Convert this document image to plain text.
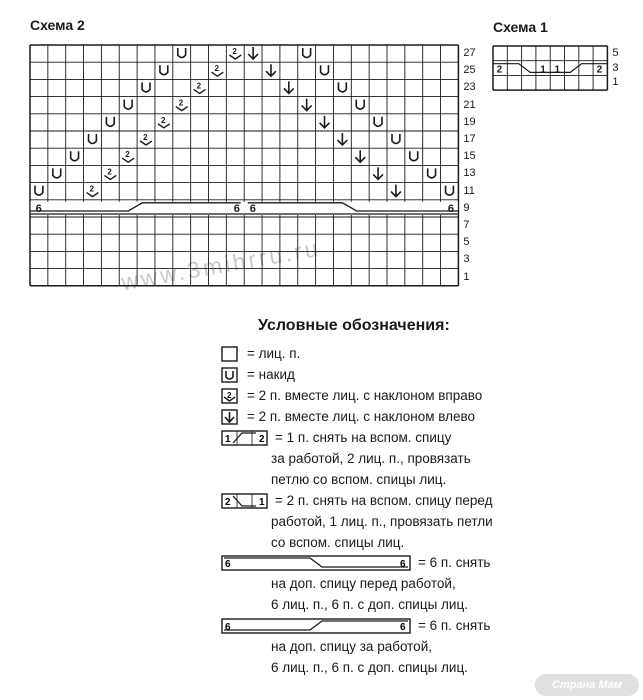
Схема 2	Схема 1
www.3mihrru.ru
6	6 6	6
2
2
2
2
2
2
2
2
2
2	1 1	2
27
25
23
21
19
17
15
13
11
9
7
5
3
1
5
3
1
Условные обозначения:
2
1	2
2	1
6	6
6	6
= лиц. п.
= накид
= 2 п. вместе лиц. с наклоном вправо
= 2 п. вместе лиц. с наклоном влево
= 1 п. снять на вспом. спицу
за работой, 2 лиц. п., провязать
петлю со вспом. спицы лиц.
= 2 п. снять на вспом. спицу перед
работой, 1 лиц. п., провязать петли
со вспом. спицы лиц.
= 6 п. снять
на доп. спицу перед работой,
6 лиц. п., 6 п. с доп. спицы лиц.
= 6 п. снять
на доп. спицу за работой,
6 лиц. п., 6 п. с доп. спицы лиц.
Страна Мам
